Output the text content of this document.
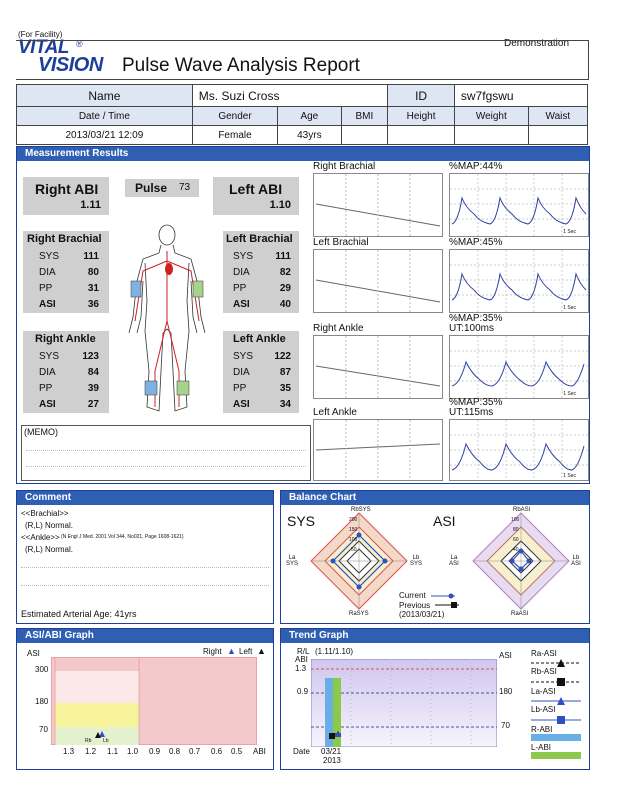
(For Facility)
VITAL ®
VISION Pulse Wave Analysis Report
Demonstration
Name	Ms. Suzi Cross			ID	sw7fgswu	
Date / Time	Gender	Age	BMI	Height	Weight	Waist
2013/03/21 12:09	Female	43yrs				
Measurement Results
Right ABI
1.11
Pulse 73	Left ABI
1.10
Right Brachial
SYS 111
DIA	80
PP	31
ASI	36
Left Brachial
SYS 111
DIA	82
PP	29
ASI	40
Right Ankle
SYS 123
DIA	84
PP	39
ASI	27
Left Ankle
SYS 122
DIA	87
PP	35
ASI	34
(MEMO)
Right Brachial	%MAP:44%
1 Sec
Left Brachial	%MAP:45%
1 Sec
Right Ankle
%MAP:35%
UT:100ms
1 Sec
Left Ankle
%MAP:35%
UT:115ms
1 Sec
Comment
<<Brachial>>
(R,L) Normal.
<<Ankle>> (N Engl J Med. 2001 Vol 344, No021, Page 1608-1621)
(R,L) Normal.
Estimated Arterial Age: 41yrs
Balance Chart
SYS	ASI
RbSYS
La
SYS
Lb
SYS
RaSYS
200
150
100
50
RbASI
La
ASI
Lb
ASI
RaASI
100
80
60
40
Current
Previous
(2013/03/21)
ASI/ABI Graph
ASI	Right ▲ Left ▲
Rb Lb
300
180
70
1.3 1.2 1.1 1.0 0.9 0.8 0.7 0.6 0.5 ABI
Trend Graph
R/L (1.11/1.10)
ABI	ASI
1.3
0.9	180
70
Date 03/21
2013
Ra-ASI
Rb-ASI
La-ASI
Lb-ASI
R-ABI
L-ABI
